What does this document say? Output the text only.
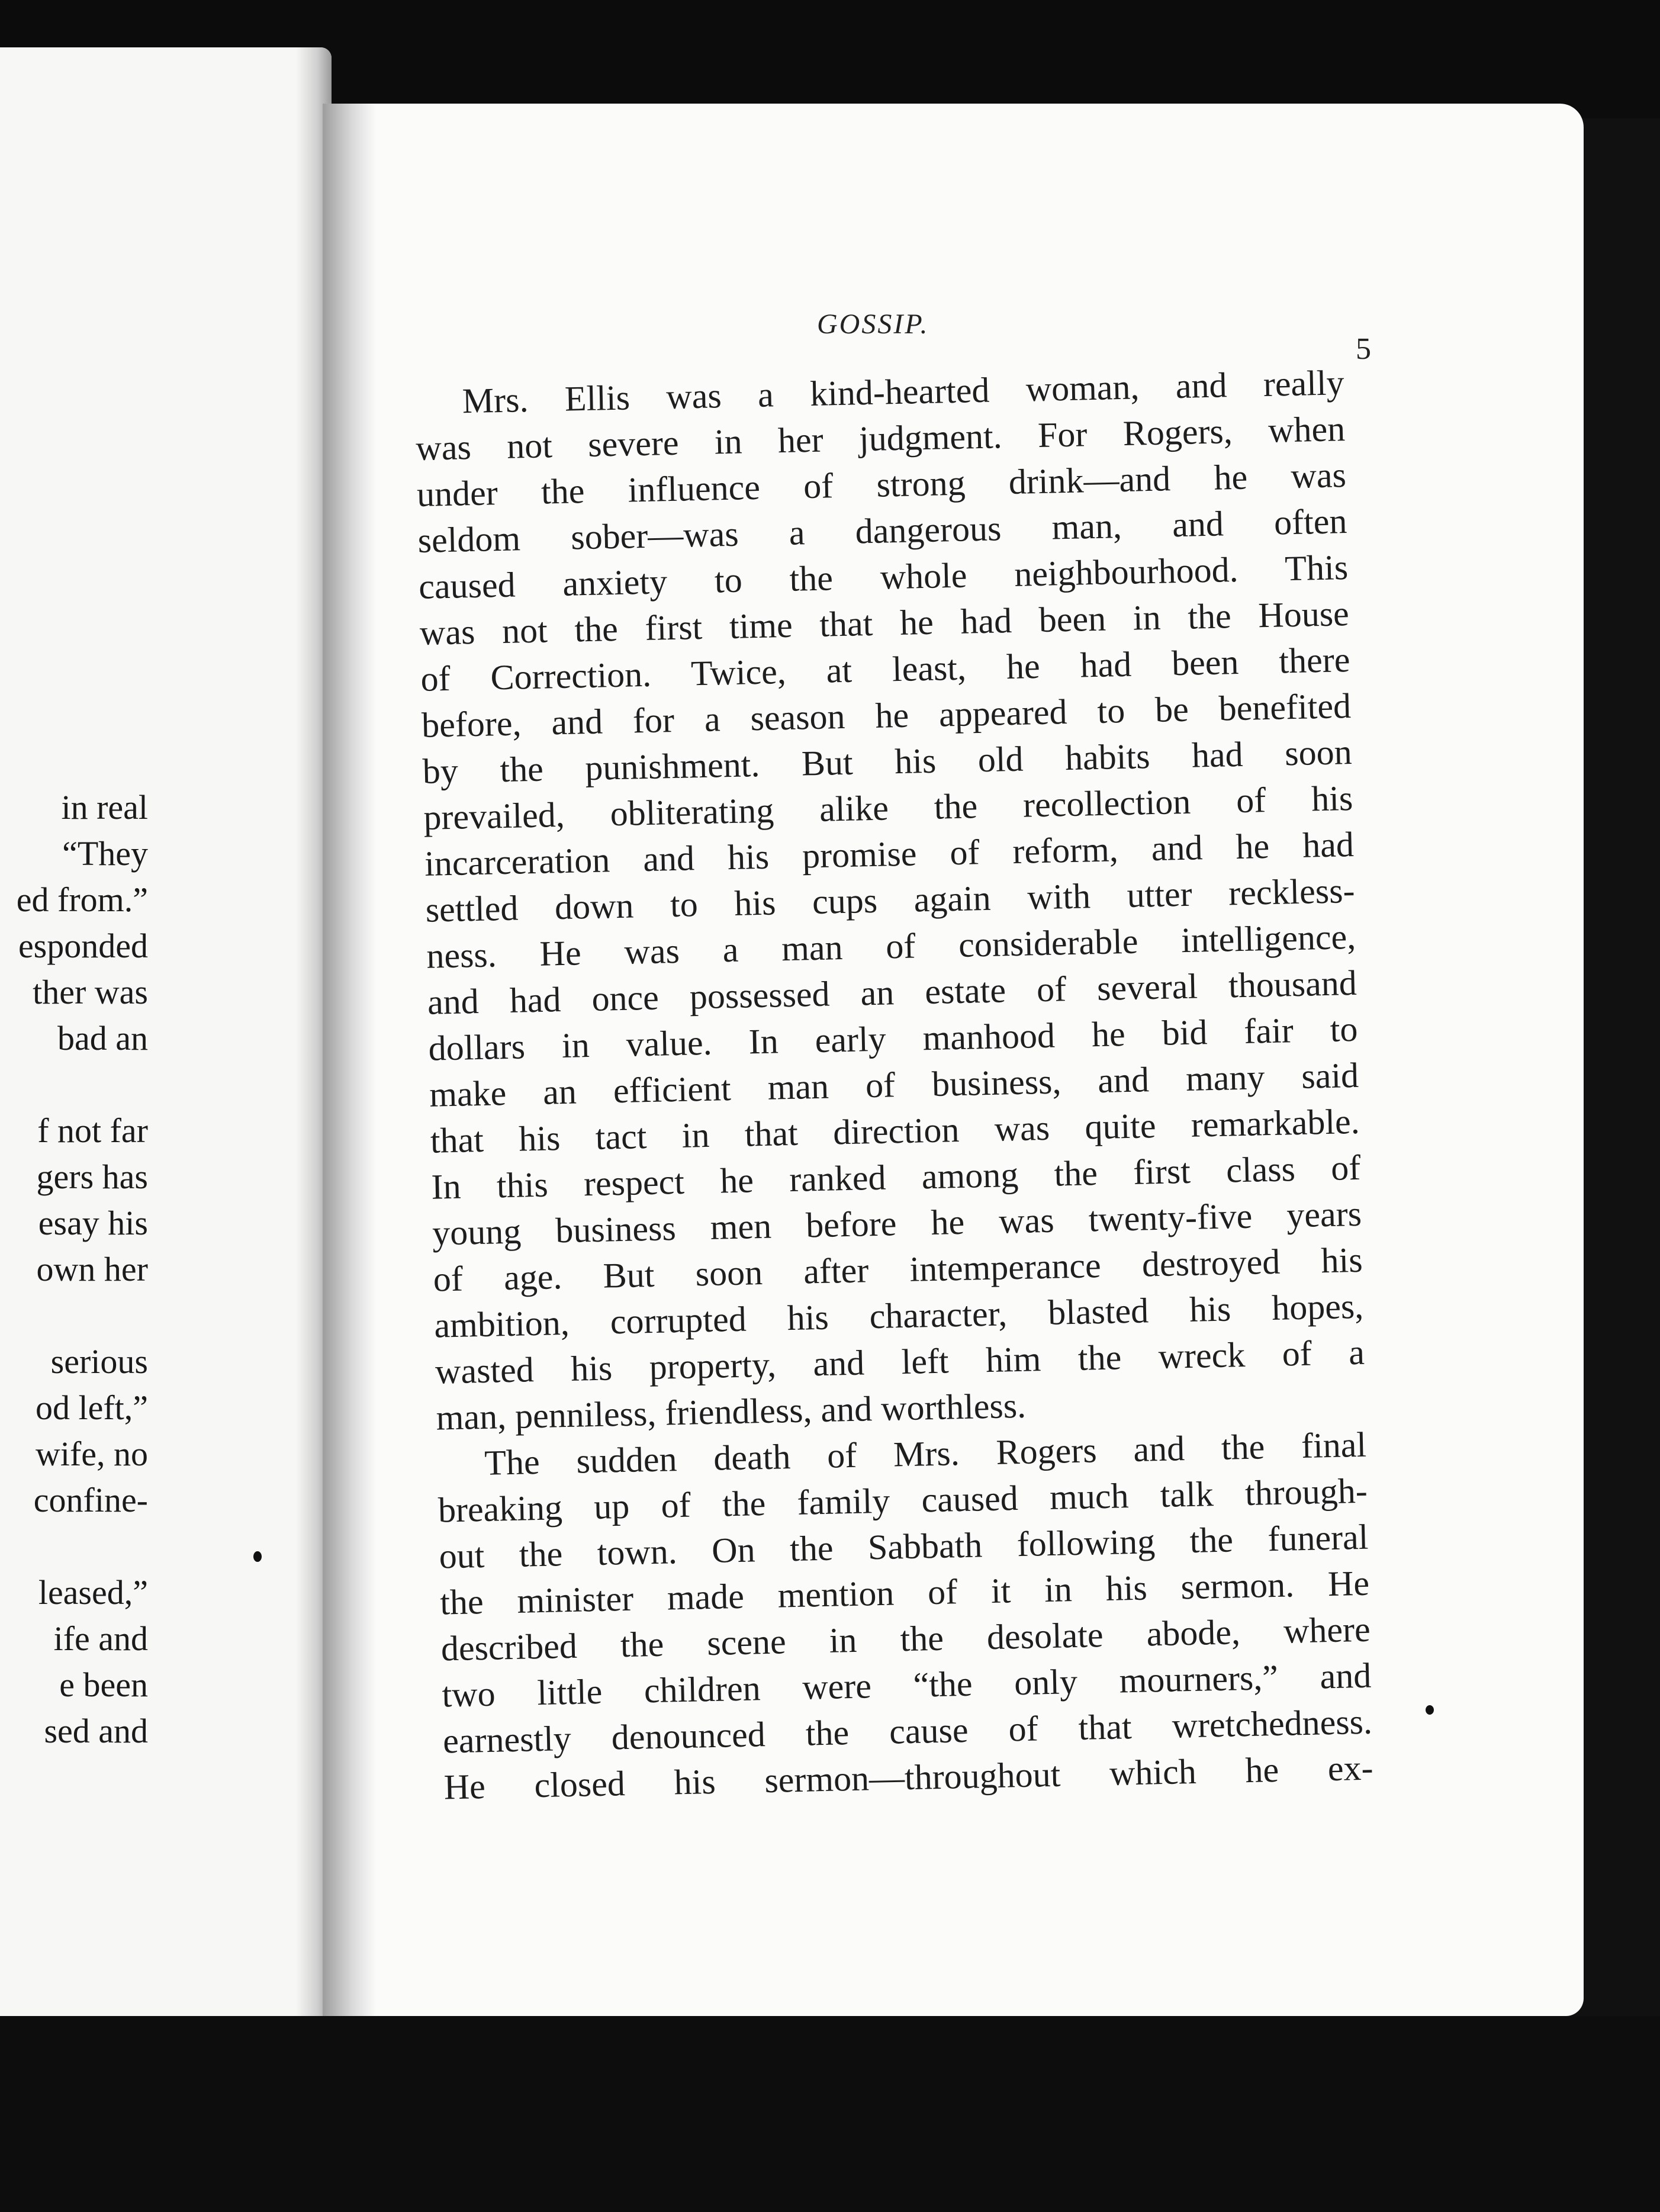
in real
“They
ed from.”
esponded
ther was
bad an
f not far
gers has
esay his
own her
serious
od left,”
wife, no
confine-
leased,”
ife and
e been
sed and
GOSSIP.
5
Mrs. Ellis was a kind-hearted woman, and really
was not severe in her judgment. For Rogers, when
under the influence of strong drink—and he was
seldom sober—was a dangerous man, and often
caused anxiety to the whole neighbourhood. This
was not the first time that he had been in the House
of Correction. Twice, at least, he had been there
before, and for a season he appeared to be benefited
by the punishment. But his old habits had soon
prevailed, obliterating alike the recollection of his
incarceration and his promise of reform, and he had
settled down to his cups again with utter reckless-
ness. He was a man of considerable intelligence,
and had once possessed an estate of several thousand
dollars in value. In early manhood he bid fair to
make an efficient man of business, and many said
that his tact in that direction was quite remarkable.
In this respect he ranked among the first class of
young business men before he was twenty-five years
of age. But soon after intemperance destroyed his
ambition, corrupted his character, blasted his hopes,
wasted his property, and left him the wreck of a
man, penniless, friendless, and worthless.
The sudden death of Mrs. Rogers and the final
breaking up of the family caused much talk through-
out the town. On the Sabbath following the funeral
the minister made mention of it in his sermon. He
described the scene in the desolate abode, where
two little children were “the only mourners,” and
earnestly denounced the cause of that wretchedness.
He closed his sermon—throughout which he ex-
